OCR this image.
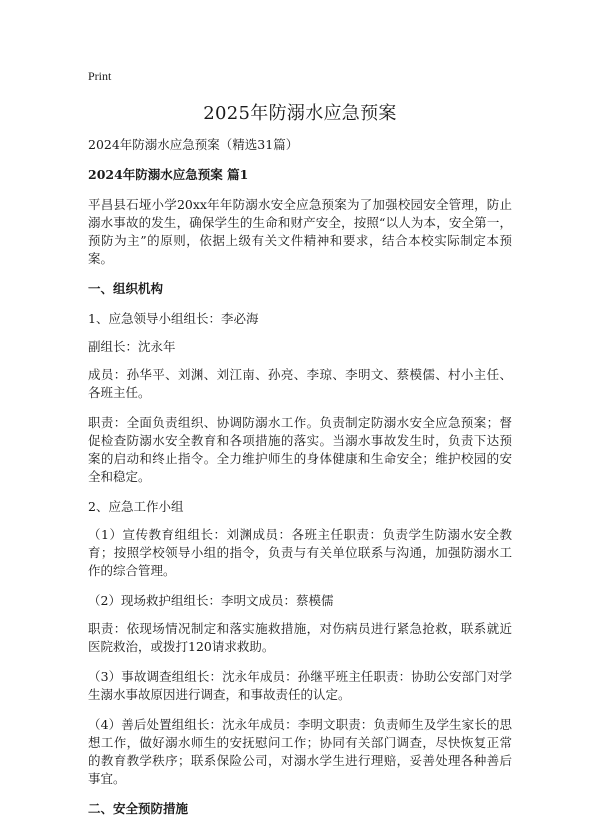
Print
2025年防溺水应急预案

2024年防溺水应急预案（精选31篇）

2024年防溺水应急预案 篇1

平昌县石垭小学20xx年年防溺水安全应急预案为了加强校园安全管理，防止溺水事故的发生，确保学生的生命和财产安全，按照“以人为本，安全第一，预防为主”的原则，依据上级有关文件精神和要求，结合本校实际制定本预案。

一、组织机构

1、应急领导小组组长：李必海

副组长：沈永年

成员：孙华平、刘渊、刘江南、孙亮、李琼、李明文、蔡模儒、村小主任、各班主任。

职责：全面负责组织、协调防溺水工作。负责制定防溺水安全应急预案；督促检查防溺水安全教育和各项措施的落实。当溺水事故发生时，负责下达预案的启动和终止指令。全力维护师生的身体健康和生命安全；维护校园的安全和稳定。

2、应急工作小组

（1）宣传教育组组长：刘渊成员：各班主任职责：负责学生防溺水安全教育；按照学校领导小组的指令，负责与有关单位联系与沟通，加强防溺水工作的综合管理。

（2）现场救护组组长：李明文成员：蔡模儒

职责：依现场情况制定和落实施救措施，对伤病员进行紧急抢救，联系就近医院救治，或拨打120请求救助。

（3）事故调查组组长：沈永年成员：孙继平班主任职责：协助公安部门对学生溺水事故原因进行调查，和事故责任的认定。

（4）善后处置组组长：沈永年成员：李明文职责：负责师生及学生家长的思想工作，做好溺水师生的安抚慰问工作；协同有关部门调查，尽快恢复正常的教育教学秩序；联系保险公司，对溺水学生进行理赔，妥善处理各种善后事宜。

二、安全预防措施
